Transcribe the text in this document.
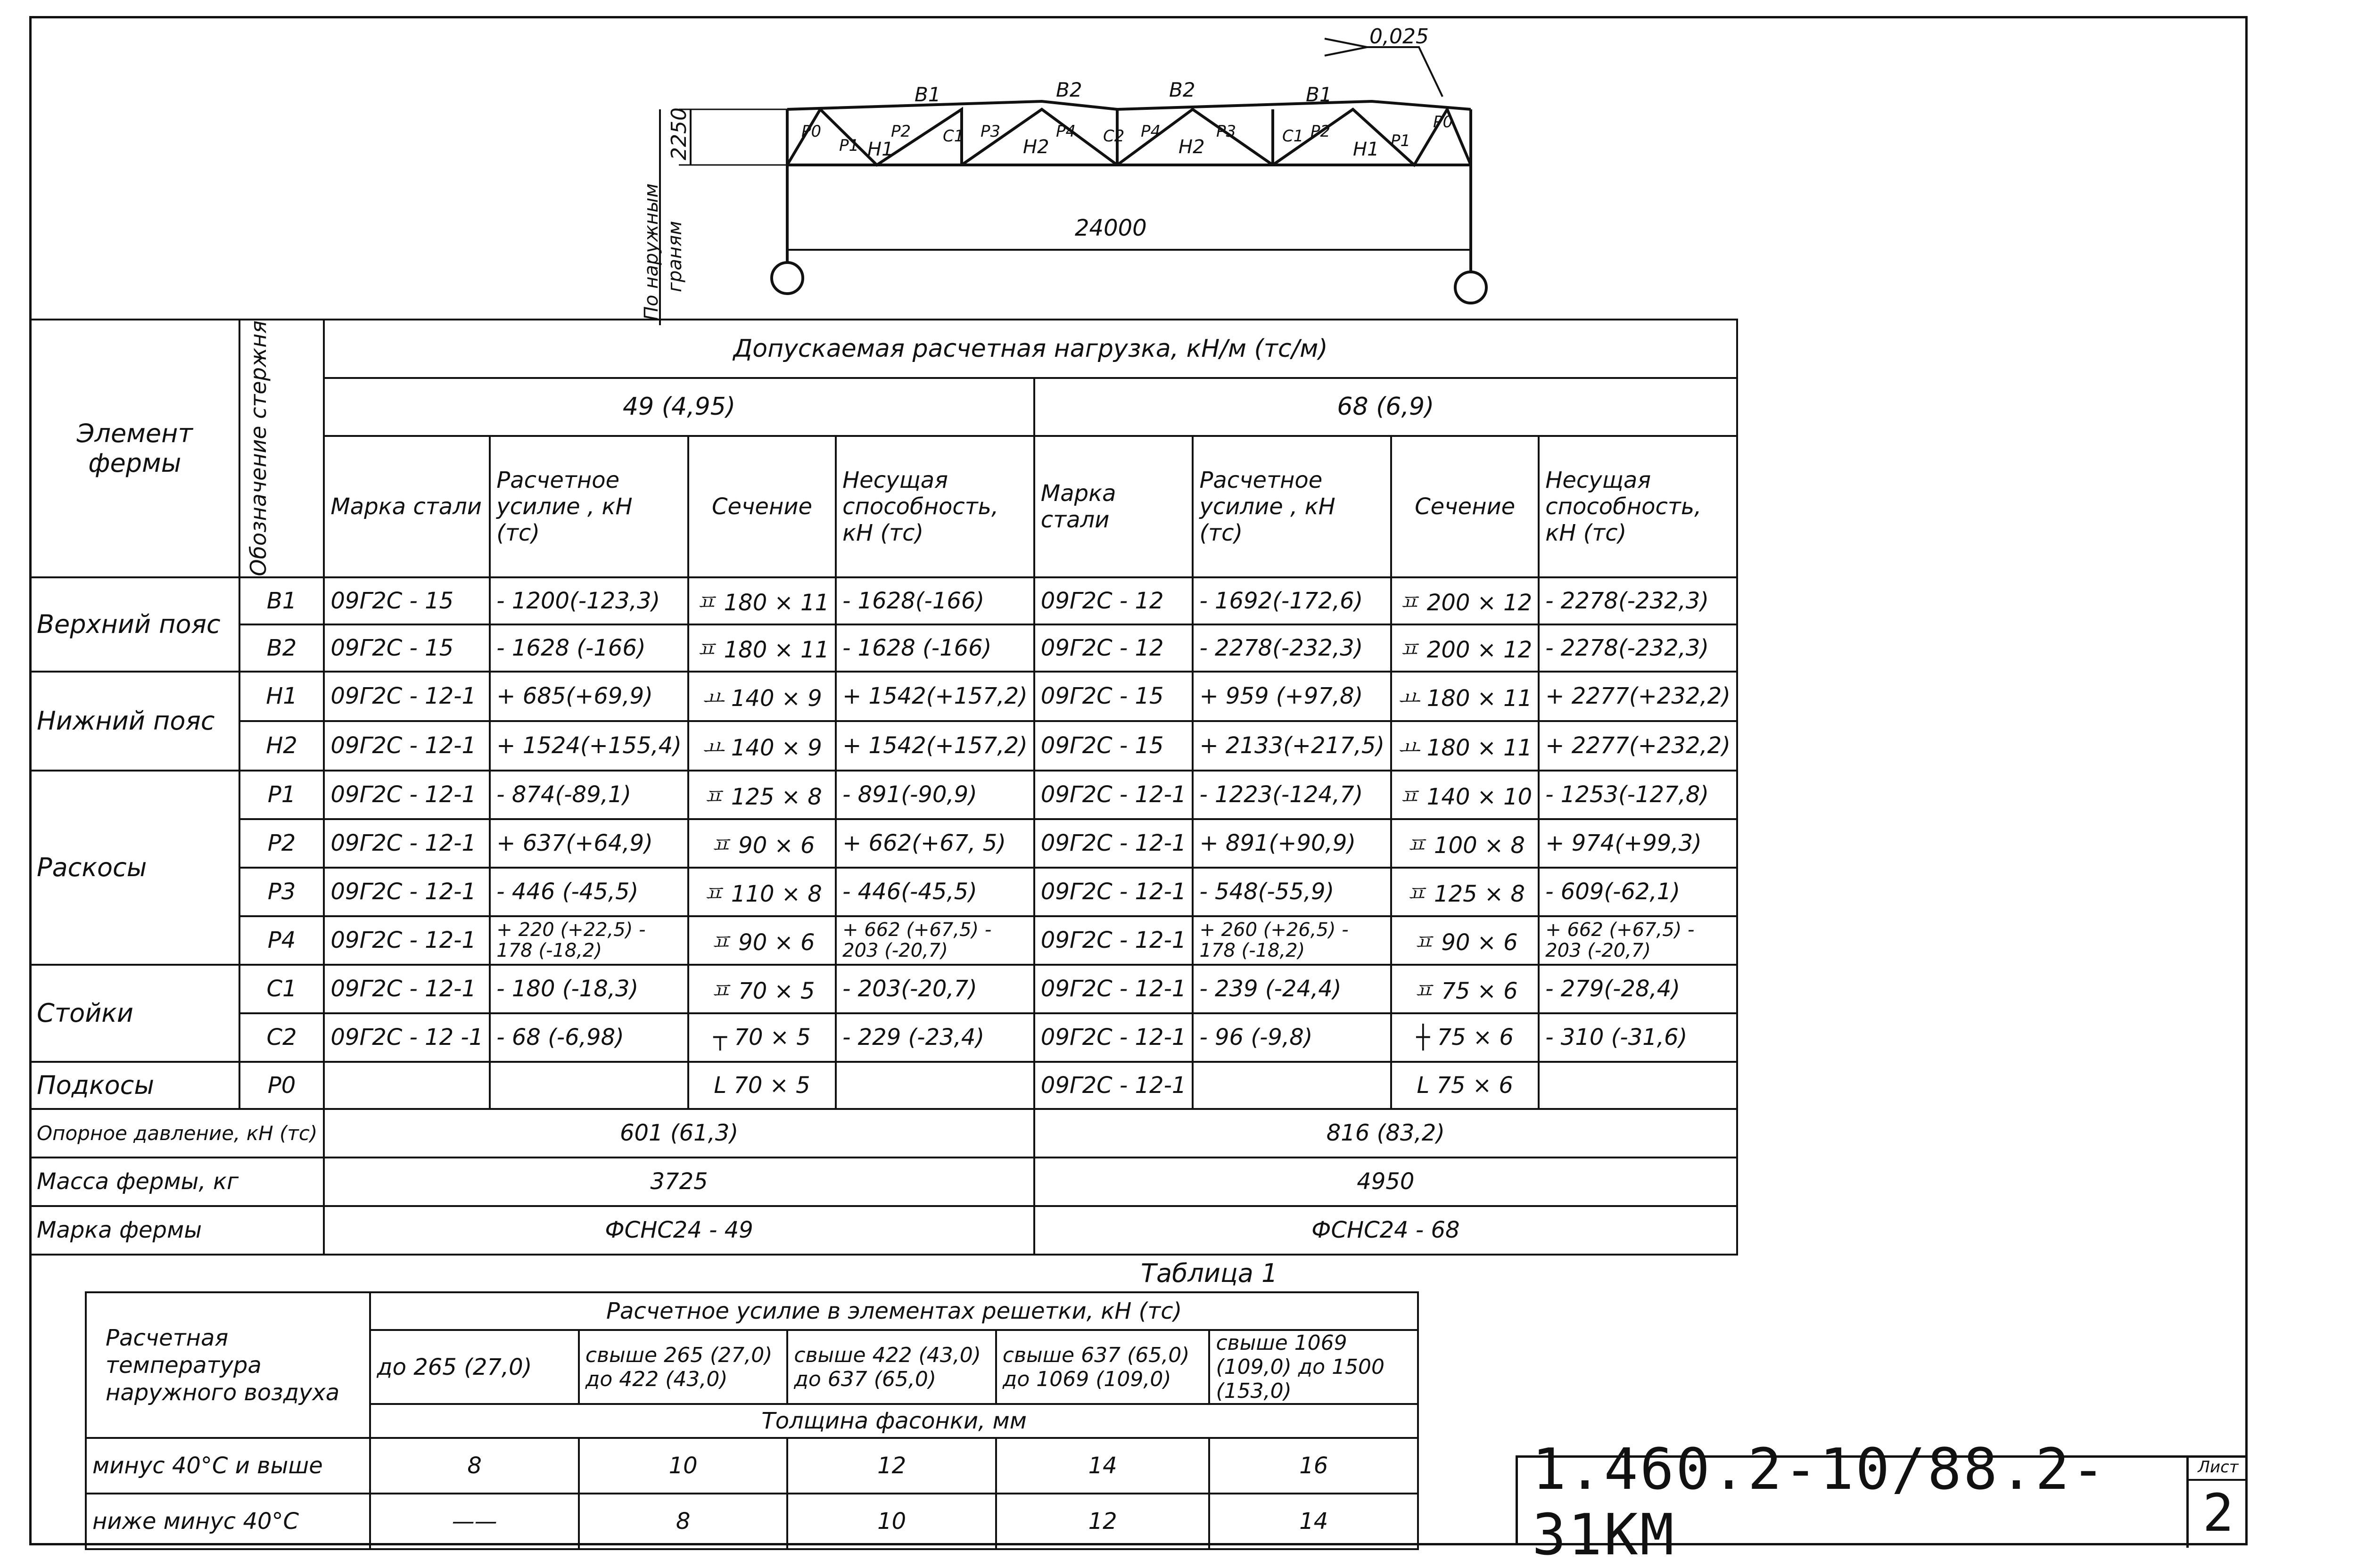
0,025
24000
2250
По наружным граням
В1	В2	В2	В1
Н1	Н2	Н2	Н1
Р0
Р1
Р2 С1 Р3	Р4 С2 Р4	Р3	С1 Р2	Р1
Р0
Элемент фермы	Обозначение стержня	Допускаемая расчетная нагрузка, кН/м (тс/м)							
		49 (4,95)				68 (6,9)			
		Марка стали	Расчетное усилие , кН (тс)	Сечение	Несущая способность, кН (тс)	Марка стали	Расчетное усилие , кН (тс)	Сечение	Несущая способность, кН (тс)
Верхний пояс	В1	09Г2С - 15	- 1200(-123,3)	ㅍ 180 × 11	- 1628(-166)	09Г2С - 12	- 1692(-172,6)	ㅍ 200 × 12	- 2278(-232,3)
	В2	09Г2С - 15	- 1628 (-166)	ㅍ 180 × 11	- 1628 (-166)	09Г2С - 12	- 2278(-232,3)	ㅍ 200 × 12	- 2278(-232,3)
Нижний пояс	Н1	09Г2С - 12-1	+ 685(+69,9)	ㅛ 140 × 9	+ 1542(+157,2)	09Г2С - 15	+ 959 (+97,8)	ㅛ 180 × 11	+ 2277(+232,2)
	Н2	09Г2С - 12-1	+ 1524(+155,4)	ㅛ 140 × 9	+ 1542(+157,2)	09Г2С - 15	+ 2133(+217,5)	ㅛ 180 × 11	+ 2277(+232,2)
Раскосы	Р1	09Г2С - 12-1	- 874(-89,1)	ㅍ 125 × 8	- 891(-90,9)	09Г2С - 12-1	- 1223(-124,7)	ㅍ 140 × 10	- 1253(-127,8)
	Р2	09Г2С - 12-1	+ 637(+64,9)	ㅍ 90 × 6	+ 662(+67, 5)	09Г2С - 12-1	+ 891(+90,9)	ㅍ 100 × 8	+ 974(+99,3)
	Р3	09Г2С - 12-1	- 446 (-45,5)	ㅍ 110 × 8	- 446(-45,5)	09Г2С - 12-1	- 548(-55,9)	ㅍ 125 × 8	- 609(-62,1)
	Р4	09Г2С - 12-1	+ 220 (+22,5) - 178 (-18,2)	ㅍ 90 × 6	+ 662 (+67,5) - 203 (-20,7)	09Г2С - 12-1	+ 260 (+26,5) - 178 (-18,2)	ㅍ 90 × 6	+ 662 (+67,5) - 203 (-20,7)
Стойки	С1	09Г2С - 12-1	- 180 (-18,3)	ㅍ 70 × 5	- 203(-20,7)	09Г2С - 12-1	- 239 (-24,4)	ㅍ 75 × 6	- 279(-28,4)
	С2	09Г2С - 12 -1	- 68 (-6,98)	┬ 70 × 5	- 229 (-23,4)	09Г2С - 12-1	- 96 (-9,8)	┼ 75 × 6	- 310 (-31,6)
Подкосы	Р0			L 70 × 5		09Г2С - 12-1		L 75 × 6	
Опорное давление, кН (тс)		601 (61,3)				816 (83,2)			
Масса фермы, кг		3725				4950			
Марка фермы		ФСНС24 - 49				ФСНС24 - 68			
Таблица 1
Расчетная температура наружного воздуха	Расчетное усилие в элементах решетки, кН (тс)				
	до 265 (27,0)	свыше 265 (27,0) до 422 (43,0)	свыше 422 (43,0) до 637 (65,0)	свыше 637 (65,0) до 1069 (109,0)	свыше 1069 (109,0) до 1500 (153,0)
	Толщина фасонки, мм				
минус 40°С и выше	8	10	12	14	16
ниже минус 40°С	——	8	10	12	14
1.460.2-10/88.2-31КМ
Лист
2
